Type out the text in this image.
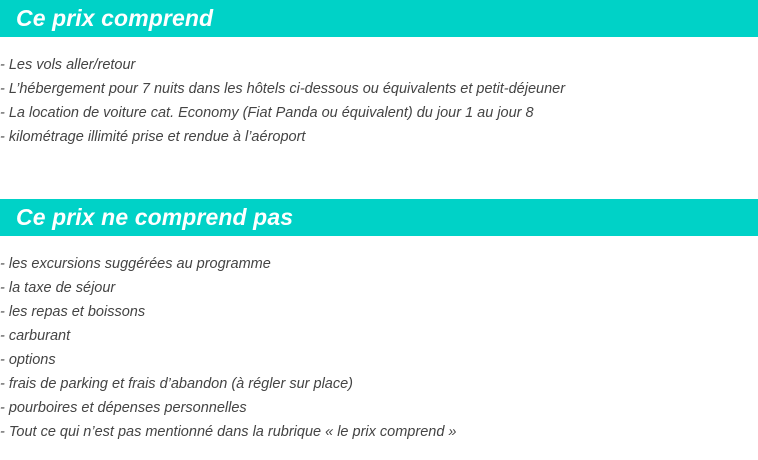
Ce prix comprend
- Les vols aller/retour
- L’hébergement pour 7 nuits dans les hôtels ci-dessous ou équivalents et petit-déjeuner
- La location de voiture cat. Economy (Fiat Panda ou équivalent) du jour 1 au jour 8
- kilométrage illimité prise et rendue à l’aéroport
Ce prix ne comprend pas
- les excursions suggérées au programme
- la taxe de séjour
- les repas et boissons
- carburant
- options
- frais de parking et frais d’abandon (à régler sur place)
- pourboires et dépenses personnelles
- Tout ce qui n’est pas mentionné dans la rubrique « le prix comprend »
